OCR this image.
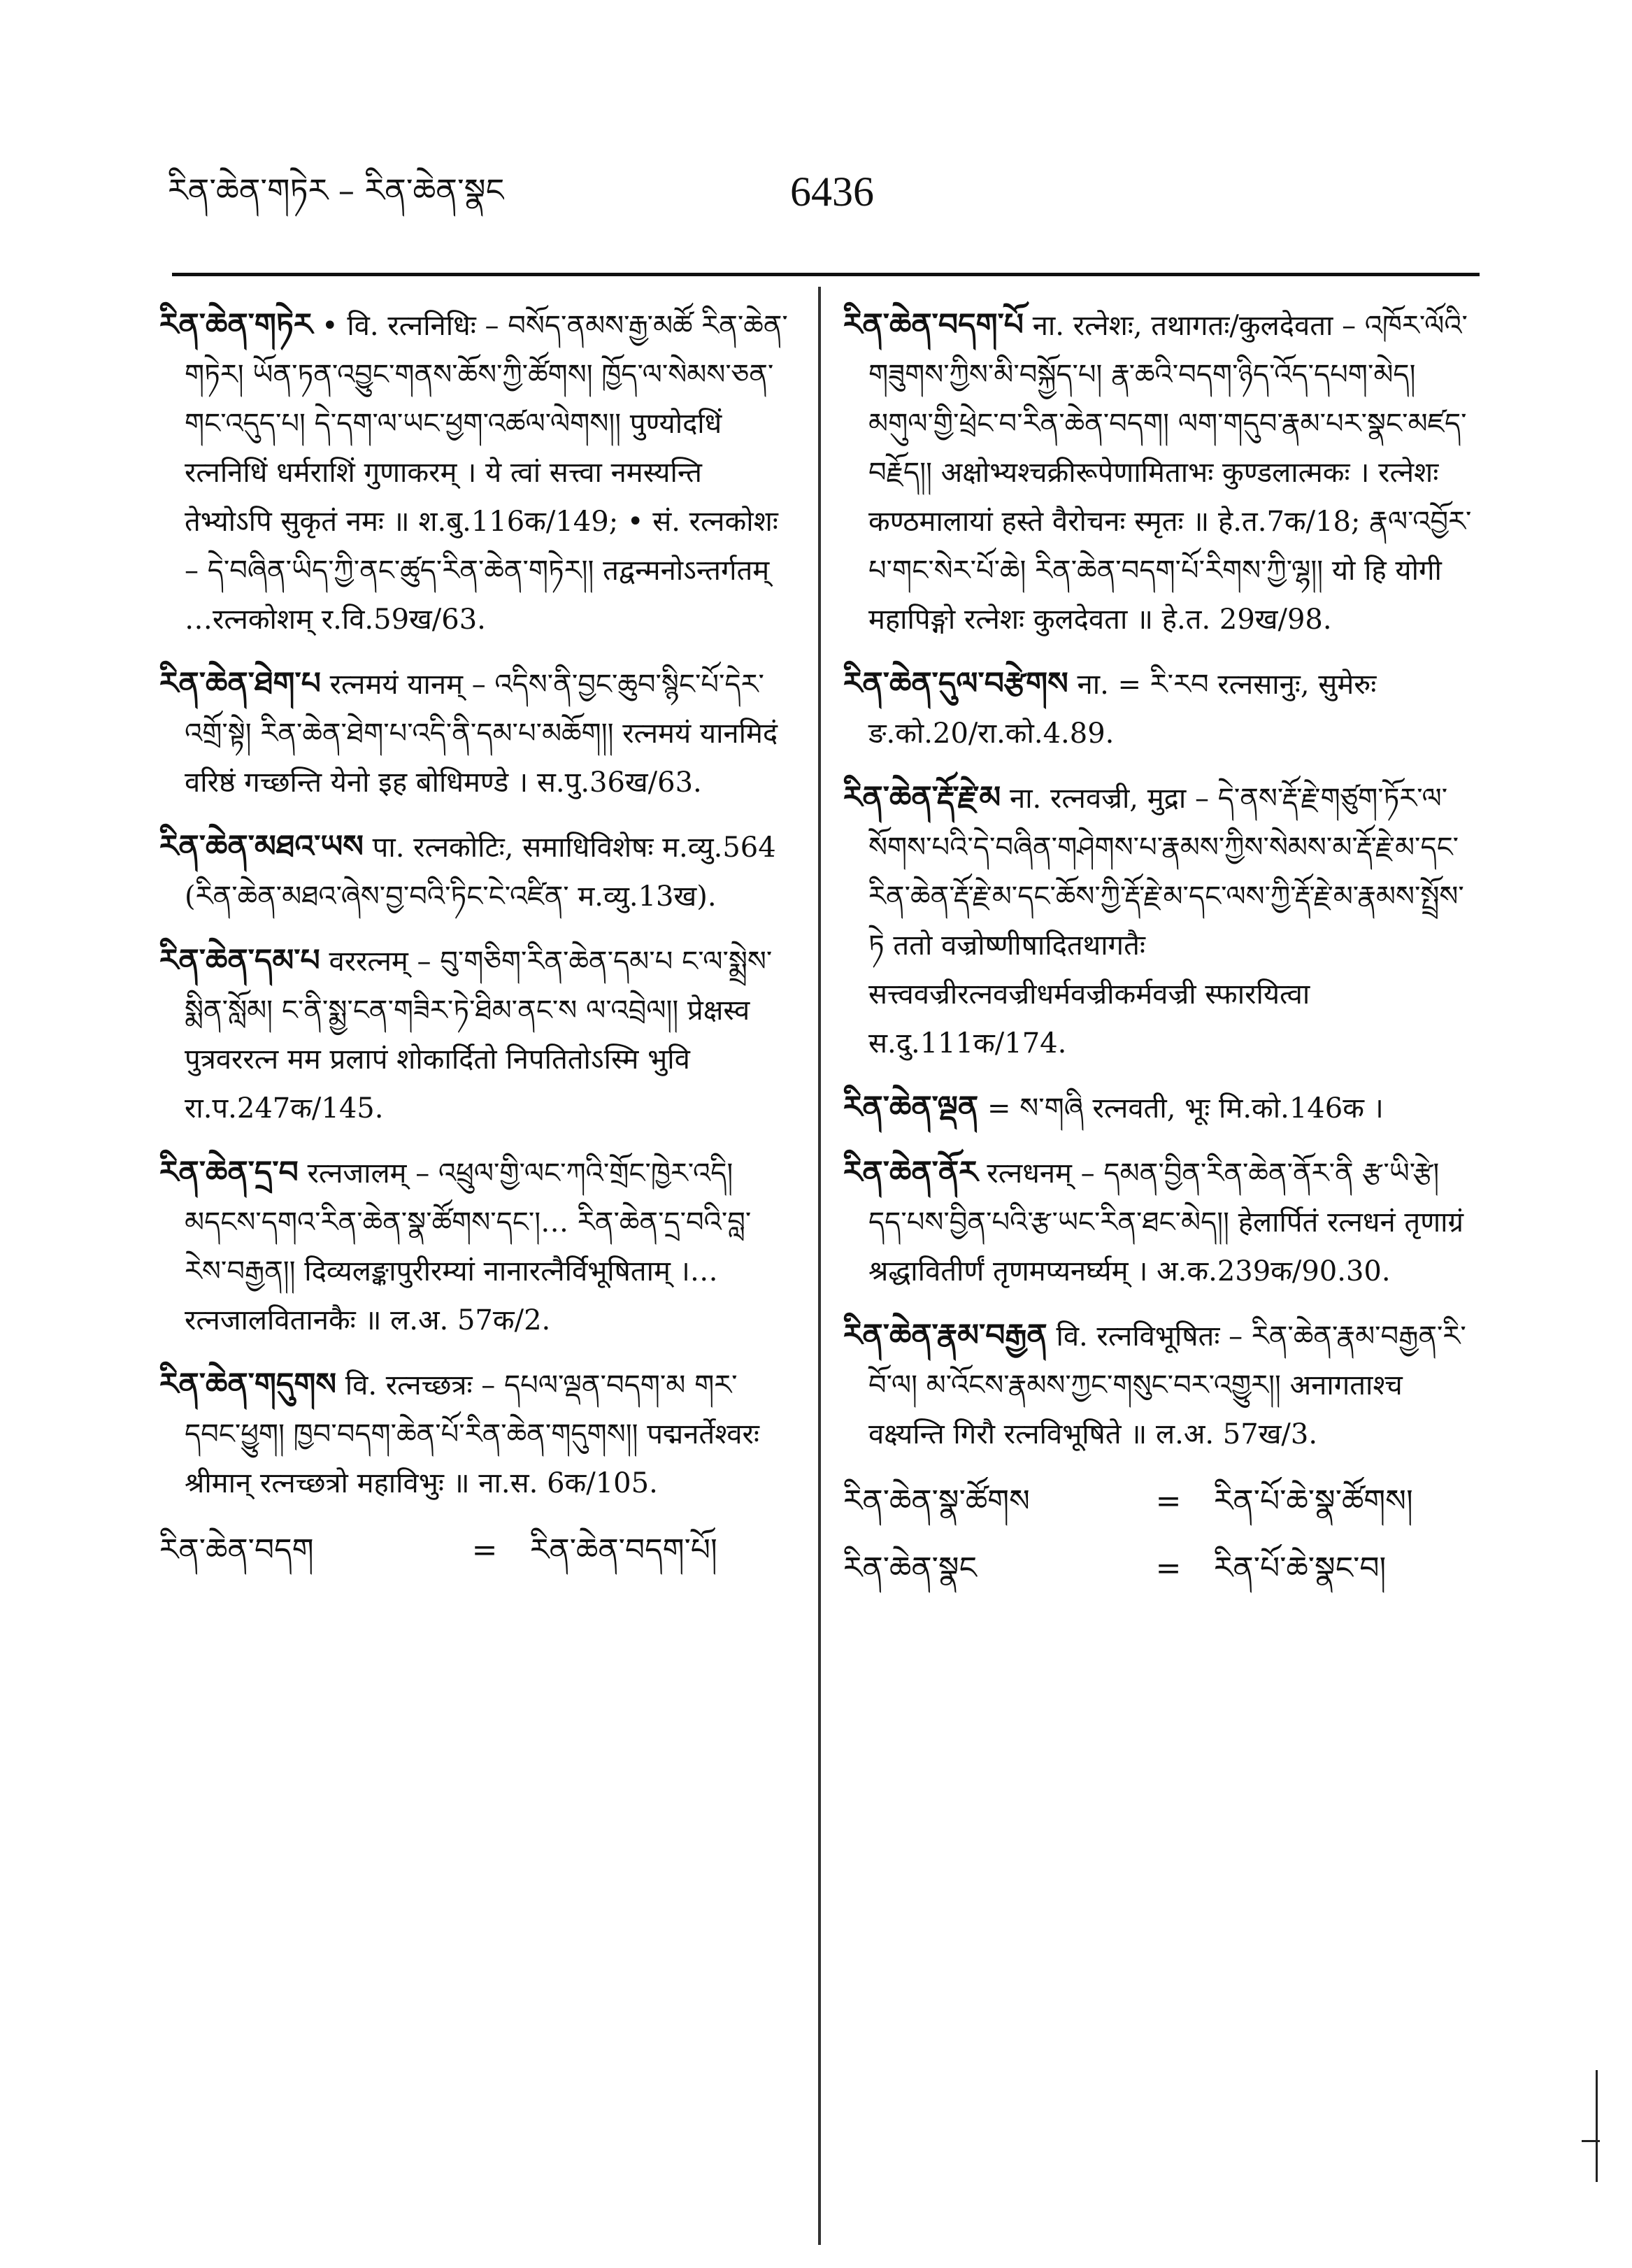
རིན་ཆེན་གཏེར – རིན་ཆེན་སྣང	6436
རིན་ཆེན་གཏེར • वि. रत्ननिधिः – བསོད་ནམས་རྒྱ་མཚོ རིན་ཆེན་གཏེར། ཡོན་ཏན་འབྱུང་གནས་ཆོས་ཀྱི་ཚོགས། ཁྱོད་ལ་སེམས་ཅན་གང་འདུད་པ། དེ་དག་ལ་ཡང་ཕྱག་འཚལ་ལེགས།། पुण्योदधिं रत्ननिधिं धर्मराशिं गुणाकरम् । ये त्वां सत्त्वा नमस्यन्ति तेभ्योऽपि सुकृतं नमः ॥ श.बु.116क/149; • सं. रत्नकोशः – དེ་བཞིན་ཡིད་ཀྱི་ནང་ཚུད་རིན་ཆེན་གཏེར།། तद्वन्मनोऽन्तर्गतम् …रत्नकोशम् र.वि.59ख/63.
རིན་ཆེན་ཐེག་པ रत्नमयं यानम् – འདིས་ནི་བྱང་ཆུབ་སྙིང་པོ་དེར་འགྲོ་སྟེ། རིན་ཆེན་ཐེག་པ་འདི་ནི་དམ་པ་མཆོག།། रत्नमयं यानमिदं वरिष्ठं गच्छन्ति येनो इह बोधिमण्डे । स.पु.36ख/63.
རིན་ཆེན་མཐའ་ཡས पा. रत्नकोटिः, समाधिविशेषः म.व्यु.564 (རིན་ཆེན་མཐའ་ཞེས་བྱ་བའི་ཏིང་ངེ་འཛིན་ म.व्यु.13ख).
རིན་ཆེན་དམ་པ वररत्नम् – བུ་གཅིག་རིན་ཆེན་དམ་པ ང་ལ་སྨྲེས་སྨིན་སློམ། ང་ནི་སྨྱ་ངན་གཟིར་ཏེ་ཐིམ་ནང་ས ལ་འབྲེལ།། प्रेक्षस्व पुत्रवररत्न मम प्रलापं शोकार्दितो निपतितोऽस्मि भुवि रा.प.247क/145.
རིན་ཆེན་དྲ་བ रत्नजालम् – འཕྲུལ་གྱི་ལང་ཀའི་གྲོང་ཁྱེར་འདི། མདངས་དགའ་རིན་ཆེན་སྣ་ཚོགས་དང་།… རིན་ཆེན་དྲ་བའི་བླ་རེས་བརྒྱན།། दिव्यलङ्कापुरीरम्यां नानारत्नैर्विभूषिताम् ।…रत्नजालवितानकैः ॥ ल.अ. 57क/2.
རིན་ཆེན་གདུགས वि. रत्नच्छत्रः – དཔལ་ལྡན་བདག་མ གར་དབང་ཕྱུག། ཁྱབ་བདག་ཆེན་པོ་རིན་ཆེན་གདུགས།། पद्मनर्तेश्वरः श्रीमान् रत्नच्छत्रो महाविभुः ॥ ना.स. 6क/105.
རིན་ཆེན་བདག	=	རིན་ཆེན་བདག་པོ།
རིན་ཆེན་བདག་པོ ना. रत्नेशः, तथागतः/कुलदेवता – འཁོར་ལོའི་གཟུགས་ཀྱིས་མི་བསྐྱོད་པ། རྣ་ཆའི་བདག་ཉིད་འོད་དཔག་མེད། མགུལ་གྱི་ཕྲེང་བ་རིན་ཆེན་བདག། ལག་གདུབ་རྣམ་པར་སྣང་མཛད་བརྗོད།། अक्षोभ्यश्चक्रीरूपेणामिताभः कुण्डलात्मकः । रत्नेशः कण्ठमालायां हस्ते वैरोचनः स्मृतः ॥ हे.त.7क/18; རྣལ་འབྱོར་པ་གང་སེར་པོ་ཆེ། རིན་ཆེན་བདག་པོ་རིགས་ཀྱི་ལྷ།། यो हि योगी महापिङ्गो रत्नेशः कुलदेवता ॥ हे.त. 29ख/98.
རིན་ཆེན་དུལ་བརྩེགས ना. = རི་རབ रत्नसानुः, सुमेरुः ङ.को.20/रा.को.4.89.
རིན་ཆེན་རྡོ་རྗེ་མ ना. रत्नवज्री, मुद्रा – དེ་ནས་རྡོ་རྗེ་གཙུག་ཏོར་ལ་སོགས་པའི་དེ་བཞིན་གཤེགས་པ་རྣམས་ཀྱིས་སེམས་མ་རྡོ་རྗེ་མ་དང་རིན་ཆེན་རྡོ་རྗེ་མ་དང་ཆོས་ཀྱི་རྡོ་རྗེ་མ་དང་ལས་ཀྱི་རྡོ་རྗེ་མ་རྣམས་སྤྲོས་ཏེ ततो वज्रोष्णीषादितथागतैः सत्त्ववज्रीरत्नवज्रीधर्मवज्रीकर्मवज्री स्फारयित्वा स.दु.111क/174.
རིན་ཆེན་ལྡན = ས་གཞི रत्नवती, भूः मि.को.146क ।
རིན་ཆེན་ནོར रत्नधनम् – དམན་བྱིན་རིན་ཆེན་ནོར་ནི རྩ་ཡི་རྩེ། དད་པས་བྱིན་པའི་རྩ་ཡང་རིན་ཐང་མེད།། हेलार्पितं रत्नधनं तृणाग्रं श्रद्धावितीर्णं तृणमप्यनर्घ्यम् । अ.क.239क/90.30.
རིན་ཆེན་རྣམ་བརྒྱན वि. रत्नविभूषितः – རིན་ཆེན་རྣམ་བརྒྱན་རི་བོ་ལ། མ་འོངས་རྣམས་ཀྱང་གསུང་བར་འགྱུར།། अनागताश्च वक्ष्यन्ति गिरौ रत्नविभूषिते ॥ ल.अ. 57ख/3.
རིན་ཆེན་སྣ་ཚོགས	=	རིན་པོ་ཆེ་སྣ་ཚོགས།
རིན་ཆེན་སྣང	=	རིན་པོ་ཆེ་སྣང་བ།
